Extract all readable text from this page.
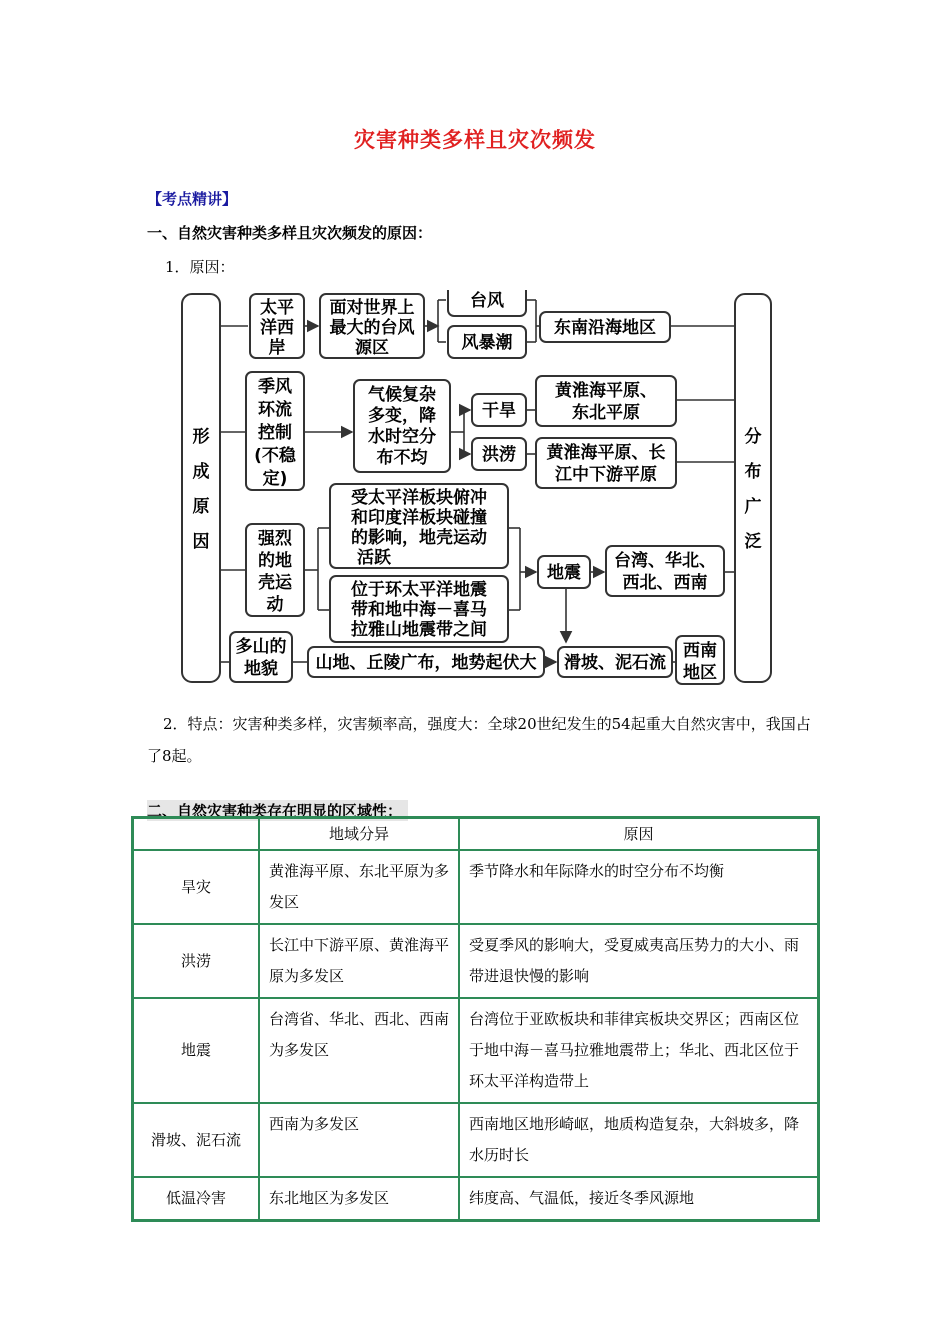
灾害种类多样且灾次频发
【考点精讲】
一、自然灾害种类多样且灾次频发的原因：
1．原因：
形
成
原
因
分
布
广
泛
太平
洋西
岸
面对世界上
最大的台风
源区
台风
风暴潮
东南沿海地区
季风
环流
控制
(不稳
定)
气候复杂
多变，降
水时空分
布不均
干旱
洪涝
黄淮海平原、
东北平原
黄淮海平原、长
江中下游平原
强烈
的地
壳运
动
受太平洋板块俯冲
和印度洋板块碰撞
的影响，地壳运动
活跃
位于环太平洋地震
带和地中海－喜马
拉雅山地震带之间
地震
台湾、华北、
西北、西南
多山的
地貌 山地、丘陵广布，地势起伏大 滑坡、泥石流
西南
地区
2．特点：灾害种类多样，灾害频率高，强度大：全球20世纪发生的54起重大自然灾害中，我国占了8起。
二、自然灾害种类存在明显的区域性：
	地域分异	原因
旱灾	黄淮海平原、东北平原为多发区	季节降水和年际降水的时空分布不均衡
洪涝	长江中下游平原、黄淮海平原为多发区	受夏季风的影响大，受夏威夷高压势力的大小、雨带进退快慢的影响
地震	台湾省、华北、西北、西南为多发区	台湾位于亚欧板块和菲律宾板块交界区；西南区位于地中海－喜马拉雅地震带上；华北、西北区位于环太平洋构造带上
滑坡、泥石流	西南为多发区	西南地区地形崎岖，地质构造复杂，大斜坡多，降水历时长
低温冷害	东北地区为多发区	纬度高、气温低，接近冬季风源地
